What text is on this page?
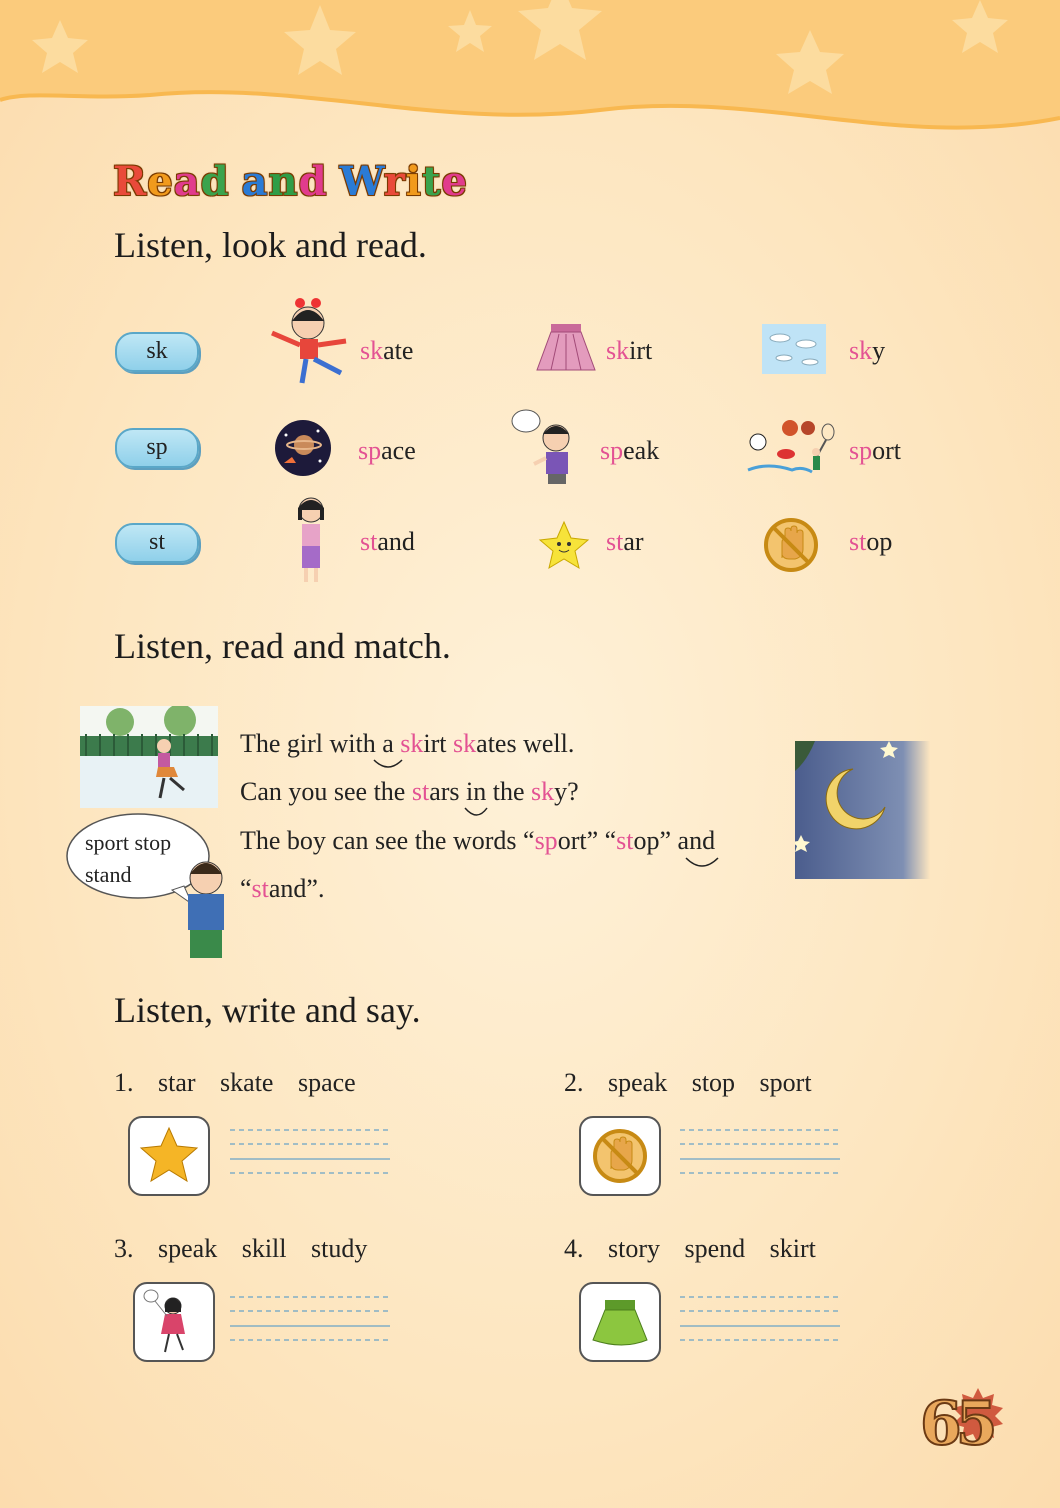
Read and Write
Listen, look and read.
sk
sp
st
skate	skirt	sky
space	speak	sport
stand	star	stop
Listen, read and match.
sport stop
stand
The girl with a skirt skates well.
Can you see the stars in the sky?
The boy can see the words “sport” “stop” and
“stand”.
Listen, write and say.
1. star skate space	2. speak stop sport
3. speak skill study	4. story spend skirt
65
